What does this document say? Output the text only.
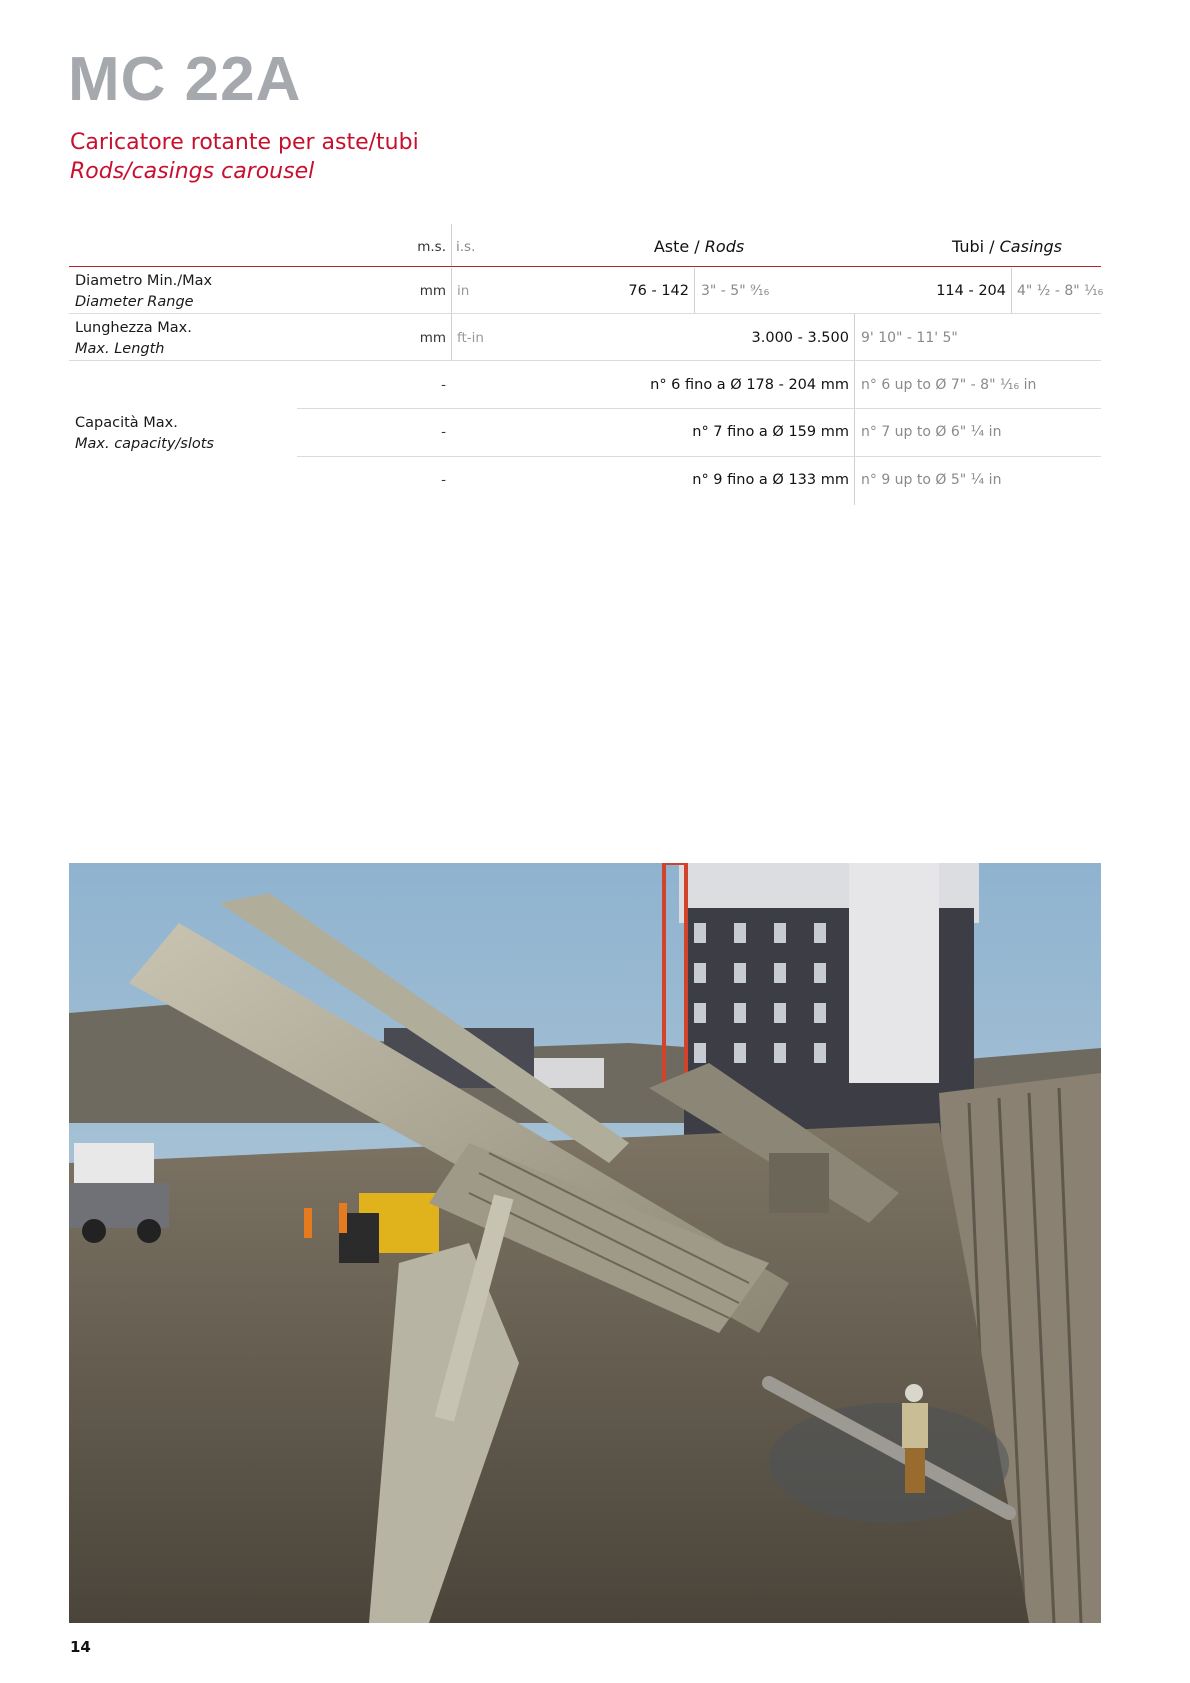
MC 22A
Caricatore rotante per aste/tubi
Rods/casings carousel
m.s. i.s.	Aste / Rods	Tubi / Casings
Diametro Min./Max
Diameter Range
mm in	76 - 142 3" - 5" ⁹⁄₁₆	114 - 204 4" ½ - 8" ¹⁄₁₆
Lunghezza Max.
Max. Length
mm ft-in	3.000 - 3.500 9' 10" - 11' 5"
Capacità Max.
Max. capacity/slots
-	n° 6 fino a Ø 178 - 204 mm n° 6 up to Ø 7" - 8" ¹⁄₁₆ in
-	n° 7 fino a Ø 159 mm n° 7 up to Ø 6" ¼ in
-	n° 9 fino a Ø 133 mm n° 9 up to Ø 5" ¼ in
14
